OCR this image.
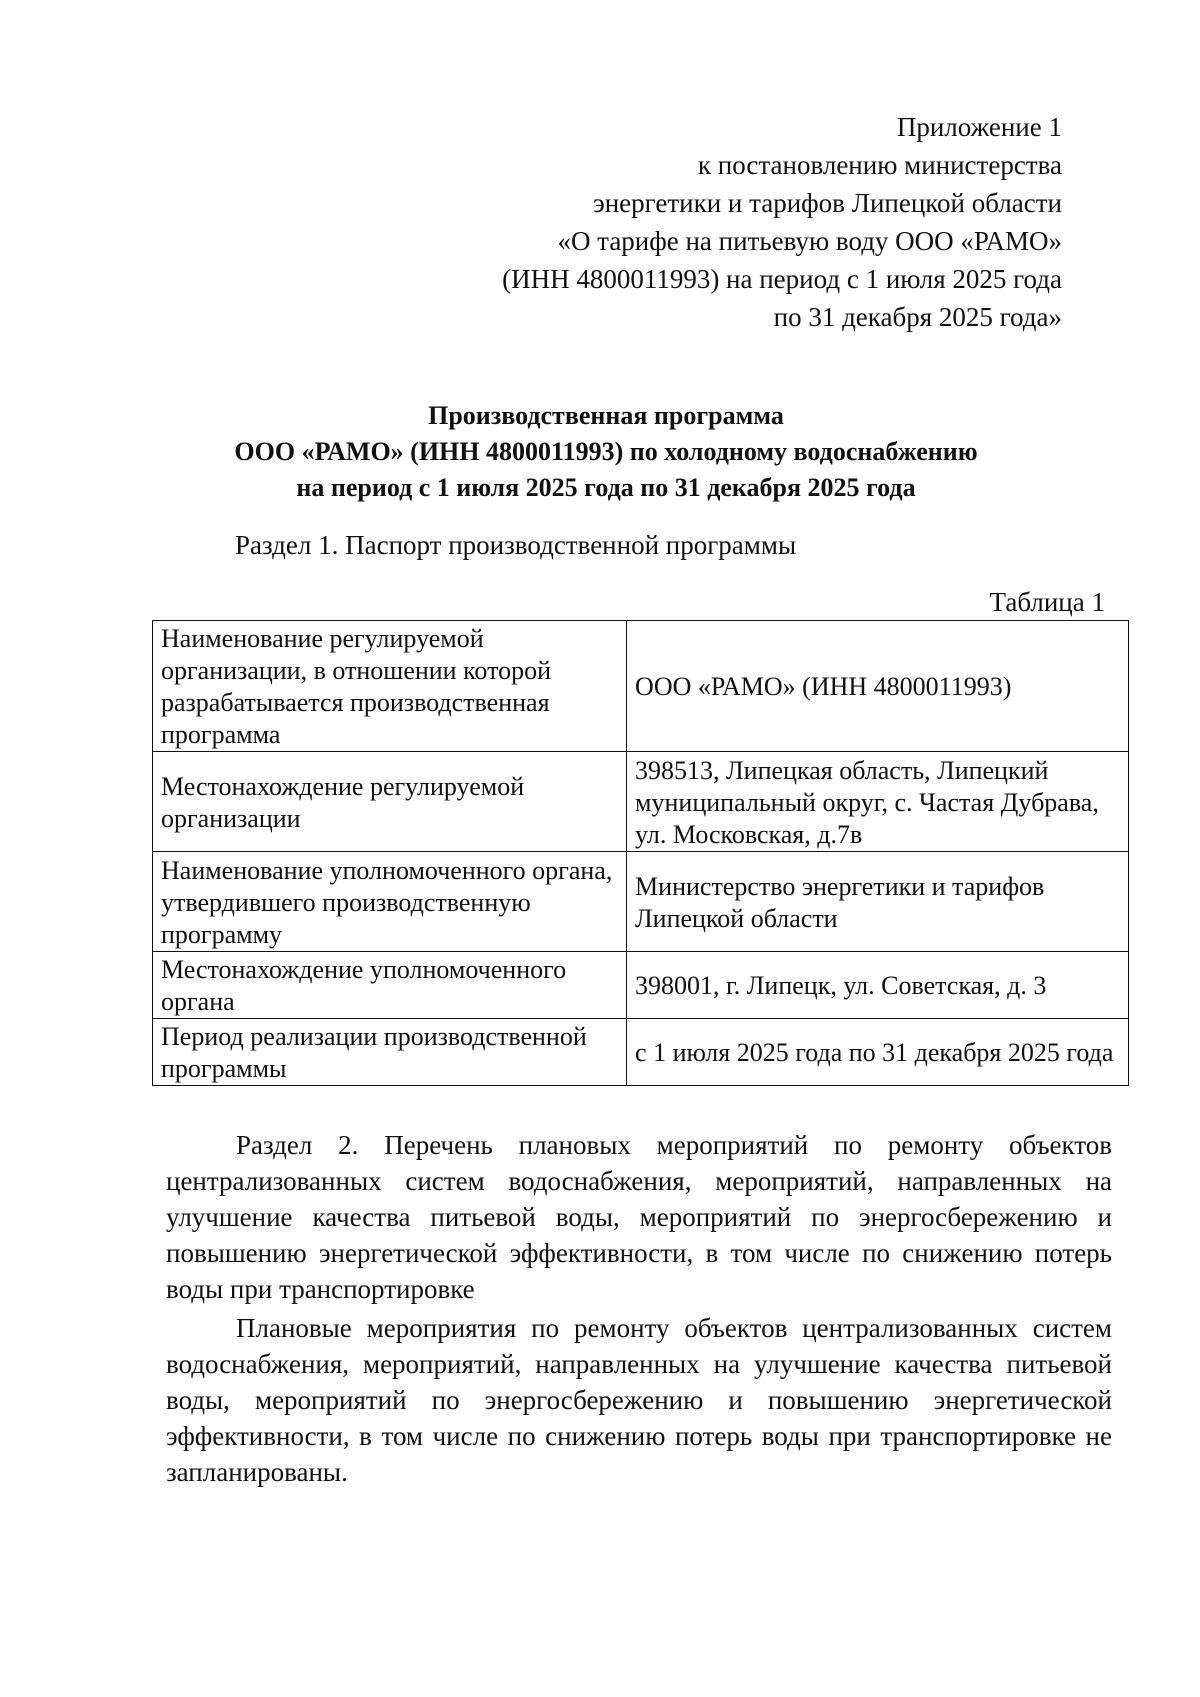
Приложение 1
к постановлению министерства
энергетики и тарифов Липецкой области
«О тарифе на питьевую воду ООО «РАМО»
(ИНН 4800011993) на период с 1 июля 2025 года
по 31 декабря 2025 года»
Производственная программа
ООО «РАМО» (ИНН 4800011993) по холодному водоснабжению
на период с 1 июля 2025 года по 31 декабря 2025 года
Раздел 1. Паспорт производственной программы
Таблица 1
Наименование регулируемой организации, в отношении которой разрабатывается производственная программа	ООО «РАМО» (ИНН 4800011993)
Местонахождение регулируемой организации	398513, Липецкая область, Липецкий муниципальный округ, с. Частая Дубрава, ул. Московская, д.7в
Наименование уполномоченного органа, утвердившего производственную программу	Министерство энергетики и тарифов Липецкой области
Местонахождение уполномоченного органа	398001, г. Липецк, ул. Советская, д. 3
Период реализации производственной программы	с 1 июля 2025 года по 31 декабря 2025 года
Раздел 2. Перечень плановых мероприятий по ремонту объектов централизованных систем водоснабжения, мероприятий, направленных на улучшение качества питьевой воды, мероприятий по энергосбережению и повышению энергетической эффективности, в том числе по снижению потерь воды при транспортировке
Плановые мероприятия по ремонту объектов централизованных систем водоснабжения, мероприятий, направленных на улучшение качества питьевой воды, мероприятий по энергосбережению и повышению энергетической эффективности, в том числе по снижению потерь воды при транспортировке не запланированы.
